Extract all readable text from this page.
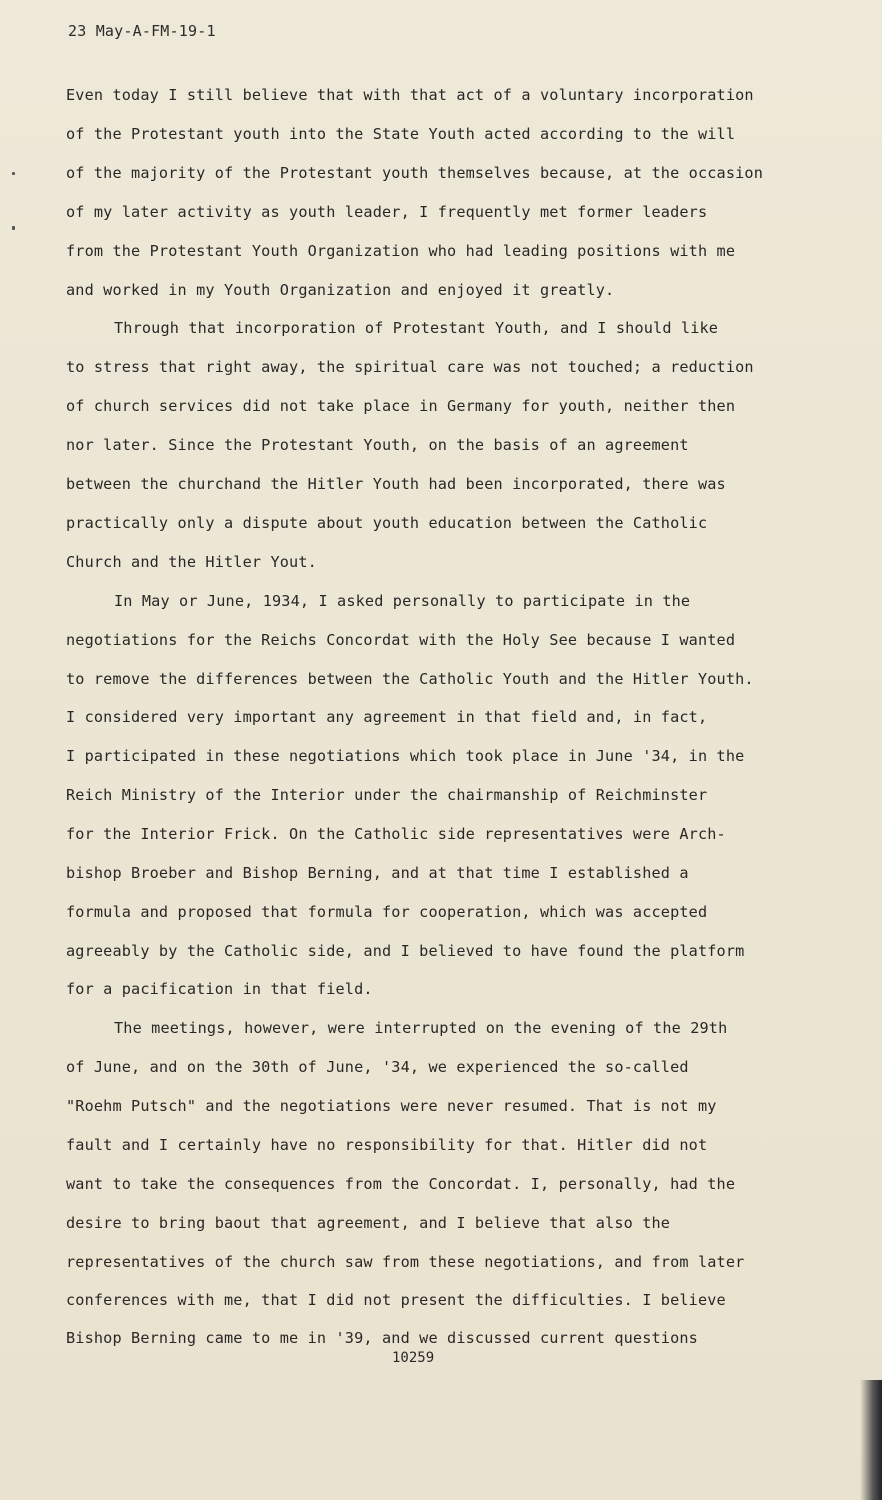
23 May-A-FM-19-1
Even today I still believe that with that act of a voluntary incorporation
of the Protestant youth into the State Youth acted according to the will
of the majority of the Protestant youth themselves because, at the occasion
of my later activity as youth leader, I frequently met former leaders
from the Protestant Youth Organization who had leading positions with me
and worked in my Youth Organization and enjoyed it greatly.
Through that incorporation of Protestant Youth, and I should like
to stress that right away, the spiritual care was not touched; a reduction
of church services did not take place in Germany for youth, neither then
nor later. Since the Protestant Youth, on the basis of an agreement
between the churchand the Hitler Youth had been incorporated, there was
practically only a dispute about youth education between the Catholic
Church and the Hitler Yout.
In May or June, 1934, I asked personally to participate in the
negotiations for the Reichs Concordat with the Holy See because I wanted
to remove the differences between the Catholic Youth and the Hitler Youth.
I considered very important any agreement in that field and, in fact,
I participated in these negotiations which took place in June '34, in the
Reich Ministry of the Interior under the chairmanship of Reichminster
for the Interior Frick. On the Catholic side representatives were Arch-
bishop Broeber and Bishop Berning, and at that time I established a
formula and proposed that formula for cooperation, which was accepted
agreeably by the Catholic side, and I believed to have found the platform
for a pacification in that field.
The meetings, however, were interrupted on the evening of the 29th
of June, and on the 30th of June, '34, we experienced the so-called
"Roehm Putsch" and the negotiations were never resumed. That is not my
fault and I certainly have no responsibility for that. Hitler did not
want to take the consequences from the Concordat. I, personally, had the
desire to bring baout that agreement, and I believe that also the
representatives of the church saw from these negotiations, and from later
conferences with me, that I did not present the difficulties. I believe
Bishop Berning came to me in '39, and we discussed current questions
10259
